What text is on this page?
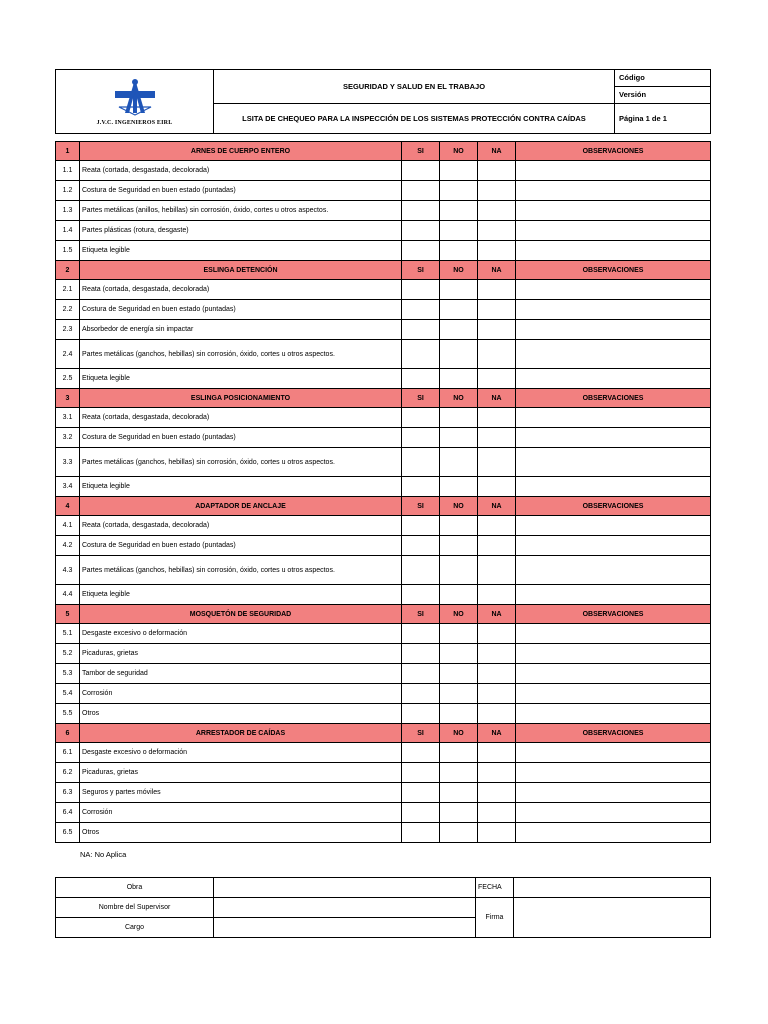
J.V.C. INGENIEROS EIRL	SEGURIDAD Y SALUD EN EL TRABAJO	Código
		Versión
	LSITA DE CHEQUEO PARA LA INSPECCIÓN DE LOS SISTEMAS PROTECCIÓN CONTRA CAÍDAS	Página 1 de 1
1	ARNES DE CUERPO ENTERO	SI	NO	NA	OBSERVACIONES
1.1	Reata (cortada, desgastada, decolorada)				
1.2	Costura de Seguridad en buen estado (puntadas)				
1.3	Partes metálicas (anillos, hebillas) sin corrosión, óxido, cortes u otros aspectos.				
1.4	Partes plásticas (rotura, desgaste)				
1.5	Etiqueta legible				
2	ESLINGA DETENCIÓN	SI	NO	NA	OBSERVACIONES
2.1	Reata (cortada, desgastada, decolorada)				
2.2	Costura de Seguridad en buen estado (puntadas)				
2.3	Absorbedor de energía sin impactar				
2.4	Partes metálicas (ganchos, hebillas) sin corrosión, óxido, cortes u otros aspectos.				
2.5	Etiqueta legible				
3	ESLINGA POSICIONAMIENTO	SI	NO	NA	OBSERVACIONES
3.1	Reata (cortada, desgastada, decolorada)				
3.2	Costura de Seguridad en buen estado (puntadas)				
3.3	Partes metálicas (ganchos, hebillas) sin corrosión, óxido, cortes u otros aspectos.				
3.4	Etiqueta legible				
4	ADAPTADOR DE ANCLAJE	SI	NO	NA	OBSERVACIONES
4.1	Reata (cortada, desgastada, decolorada)				
4.2	Costura de Seguridad en buen estado (puntadas)				
4.3	Partes metálicas (ganchos, hebillas) sin corrosión, óxido, cortes u otros aspectos.				
4.4	Etiqueta legible				
5	MOSQUETÓN DE SEGURIDAD	SI	NO	NA	OBSERVACIONES
5.1	Desgaste excesivo o deformación				
5.2	Picaduras, grietas				
5.3	Tambor de seguridad				
5.4	Corrosión				
5.5	Otros				
6	ARRESTADOR DE CAÍDAS	SI	NO	NA	OBSERVACIONES
6.1	Desgaste excesivo o deformación				
6.2	Picaduras, grietas				
6.3	Seguros y partes móviles				
6.4	Corrosión				
6.5	Otros				
NA: No Aplica
Obra		FECHA	
Nombre del Supervisor		Firma	
Cargo			
